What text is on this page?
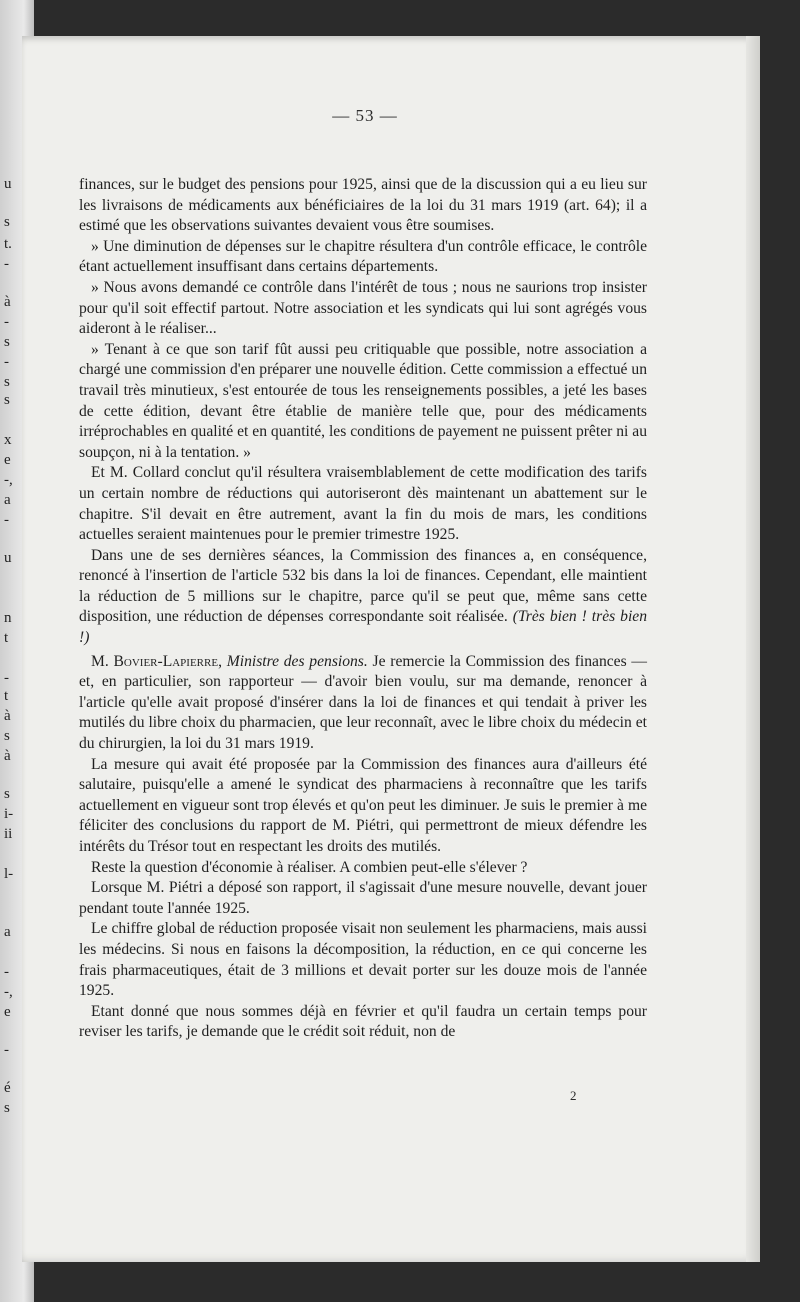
u
s
t.
-
à
-
s
-
s
s
x
e
-,
a
-
u
n
t
-
t
à
s
à
s
i-
ii
l-
a
-
-,
e
-
é
s
— 53 —

finances, sur le budget des pensions pour 1925, ainsi que de la discussion qui a eu lieu sur les livraisons de médicaments aux bénéficiaires de la loi du 31 mars 1919 (art. 64); il a estimé que les observations suivantes devaient vous être soumises.

» Une diminution de dépenses sur le chapitre résultera d'un contrôle efficace, le contrôle étant actuellement insuffisant dans certains départements.

» Nous avons demandé ce contrôle dans l'intérêt de tous ; nous ne saurions trop insister pour qu'il soit effectif partout. Notre association et les syndicats qui lui sont agrégés vous aideront à le réaliser...

» Tenant à ce que son tarif fût aussi peu critiquable que possible, notre association a chargé une commission d'en préparer une nouvelle édition. Cette commission a effectué un travail très minutieux, s'est entourée de tous les renseignements possibles, a jeté les bases de cette édition, devant être établie de manière telle que, pour des médicaments irréprochables en qualité et en quantité, les conditions de payement ne puissent prêter ni au soupçon, ni à la tentation. »

Et M. Collard conclut qu'il résultera vraisemblablement de cette modification des tarifs un certain nombre de réductions qui autoriseront dès maintenant un abattement sur le chapitre. S'il devait en être autrement, avant la fin du mois de mars, les conditions actuelles seraient maintenues pour le premier trimestre 1925.

Dans une de ses dernières séances, la Commission des finances a, en conséquence, renoncé à l'insertion de l'article 532 bis dans la loi de finances. Cependant, elle maintient la réduction de 5 millions sur le chapitre, parce qu'il se peut que, même sans cette disposition, une réduction de dépenses correspondante soit réalisée. (Très bien ! très bien !)

M. Bovier-Lapierre, Ministre des pensions. Je remercie la Commission des finances — et, en particulier, son rapporteur — d'avoir bien voulu, sur ma demande, renoncer à l'article qu'elle avait proposé d'insérer dans la loi de finances et qui tendait à priver les mutilés du libre choix du pharmacien, que leur reconnaît, avec le libre choix du médecin et du chirurgien, la loi du 31 mars 1919.

La mesure qui avait été proposée par la Commission des finances aura d'ailleurs été salutaire, puisqu'elle a amené le syndicat des pharmaciens à reconnaître que les tarifs actuellement en vigueur sont trop élevés et qu'on peut les diminuer. Je suis le premier à me féliciter des conclusions du rapport de M. Piétri, qui permettront de mieux défendre les intérêts du Trésor tout en respectant les droits des mutilés.

Reste la question d'économie à réaliser. A combien peut-elle s'élever ?

Lorsque M. Piétri a déposé son rapport, il s'agissait d'une mesure nouvelle, devant jouer pendant toute l'année 1925.

Le chiffre global de réduction proposée visait non seulement les pharmaciens, mais aussi les médecins. Si nous en faisons la décomposition, la réduction, en ce qui concerne les frais pharmaceutiques, était de 3 millions et devait porter sur les douze mois de l'année 1925.

Etant donné que nous sommes déjà en février et qu'il faudra un certain temps pour reviser les tarifs, je demande que le crédit soit réduit, non de

2
